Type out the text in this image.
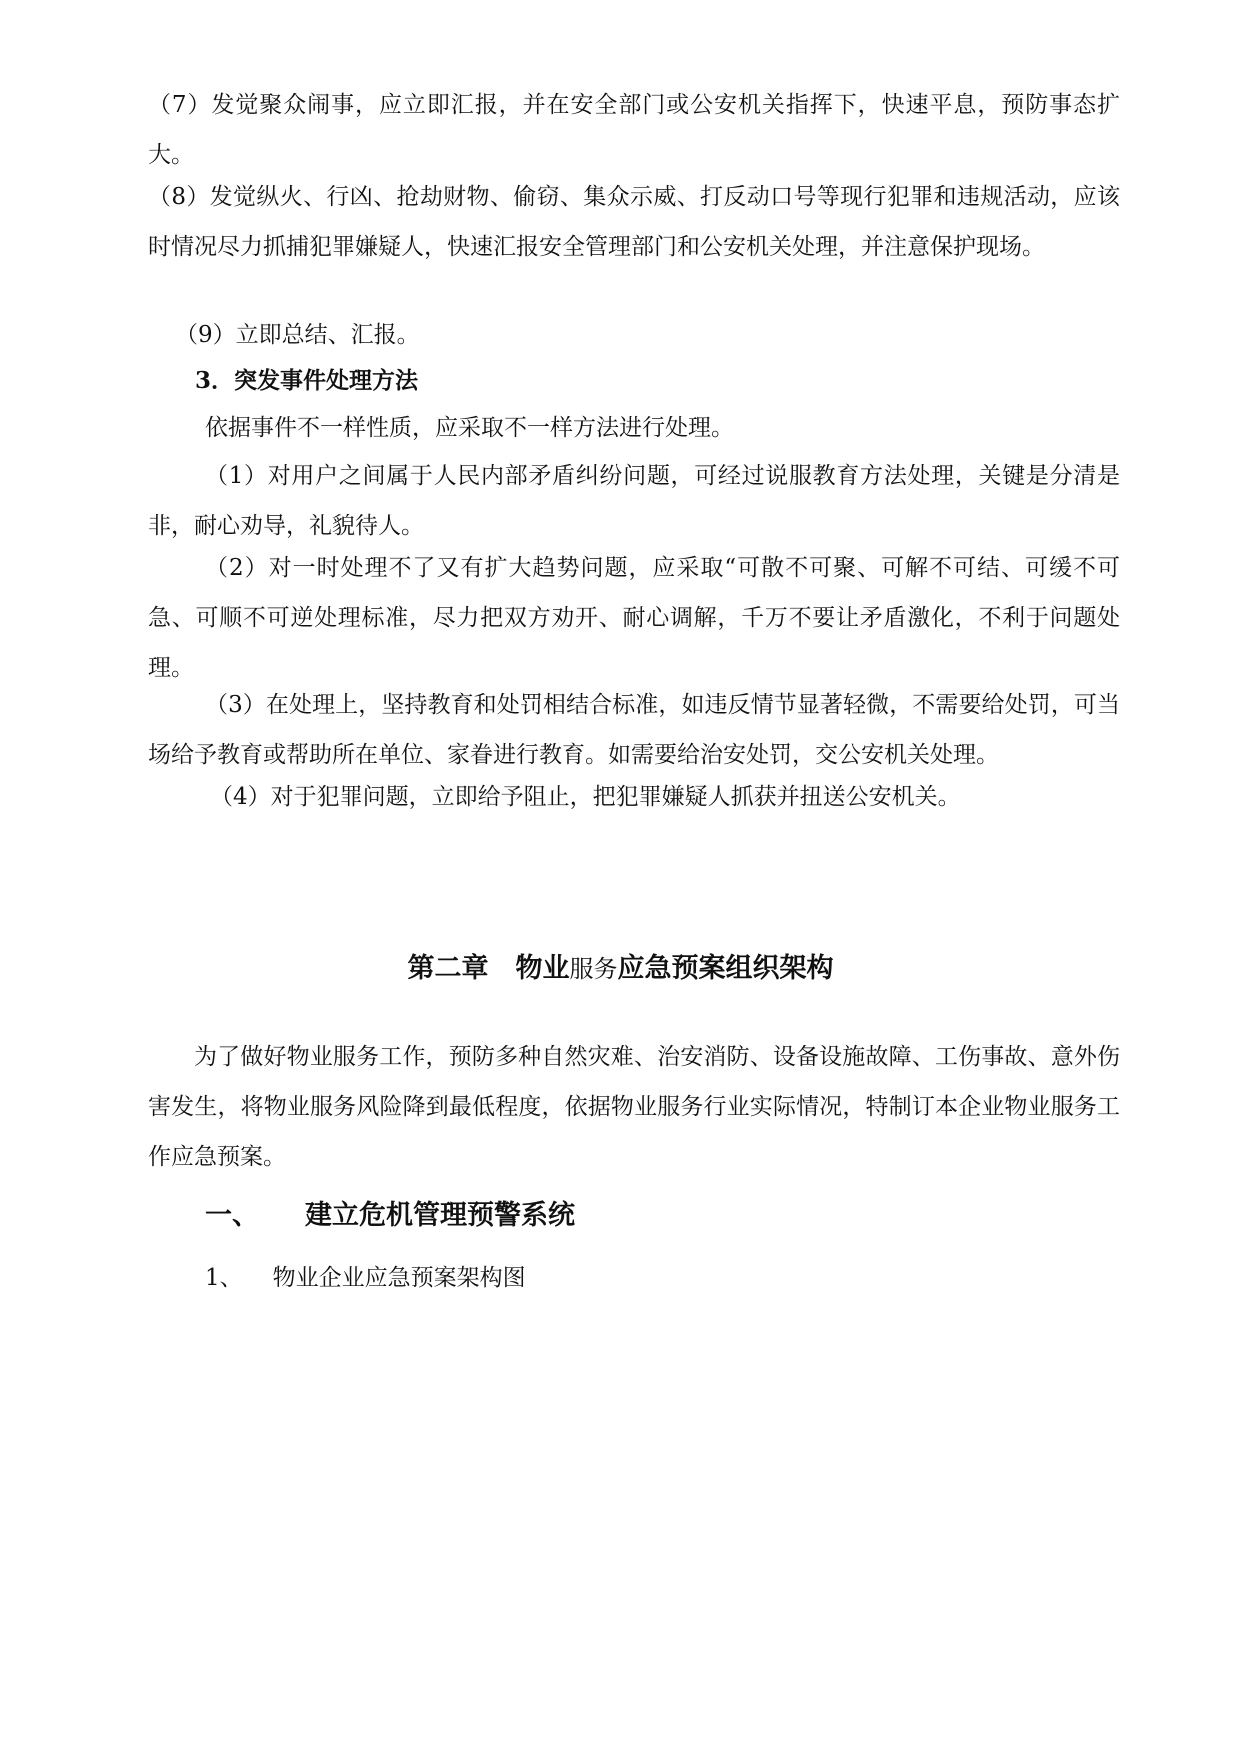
（7）发觉聚众闹事，应立即汇报，并在安全部门或公安机关指挥下，快速平息，预防事态扩大。

（8）发觉纵火、行凶、抢劫财物、偷窃、集众示威、打反动口号等现行犯罪和违规活动，应该时情况尽力抓捕犯罪嫌疑人，快速汇报安全管理部门和公安机关处理，并注意保护现场。

（9）立即总结、汇报。

3．突发事件处理方法

依据事件不一样性质，应采取不一样方法进行处理。

（1）对用户之间属于人民内部矛盾纠纷问题，可经过说服教育方法处理，关键是分清是非，耐心劝导，礼貌待人。

（2）对一时处理不了又有扩大趋势问题，应采取“可散不可聚、可解不可结、可缓不可急、可顺不可逆处理标准，尽力把双方劝开、耐心调解，千万不要让矛盾激化，不利于问题处理。

（3）在处理上，坚持教育和处罚相结合标准，如违反情节显著轻微，不需要给处罚，可当场给予教育或帮助所在单位、家眷进行教育。如需要给治安处罚，交公安机关处理。

（4）对于犯罪问题，立即给予阻止，把犯罪嫌疑人抓获并扭送公安机关。

第二章　物业服务应急预案组织架构

为了做好物业服务工作，预防多种自然灾难、治安消防、设备设施故障、工伤事故、意外伤害发生，将物业服务风险降到最低程度，依据物业服务行业实际情况，特制订本企业物业服务工作应急预案。

一、 建立危机管理预警系统

1、 物业企业应急预案架构图
